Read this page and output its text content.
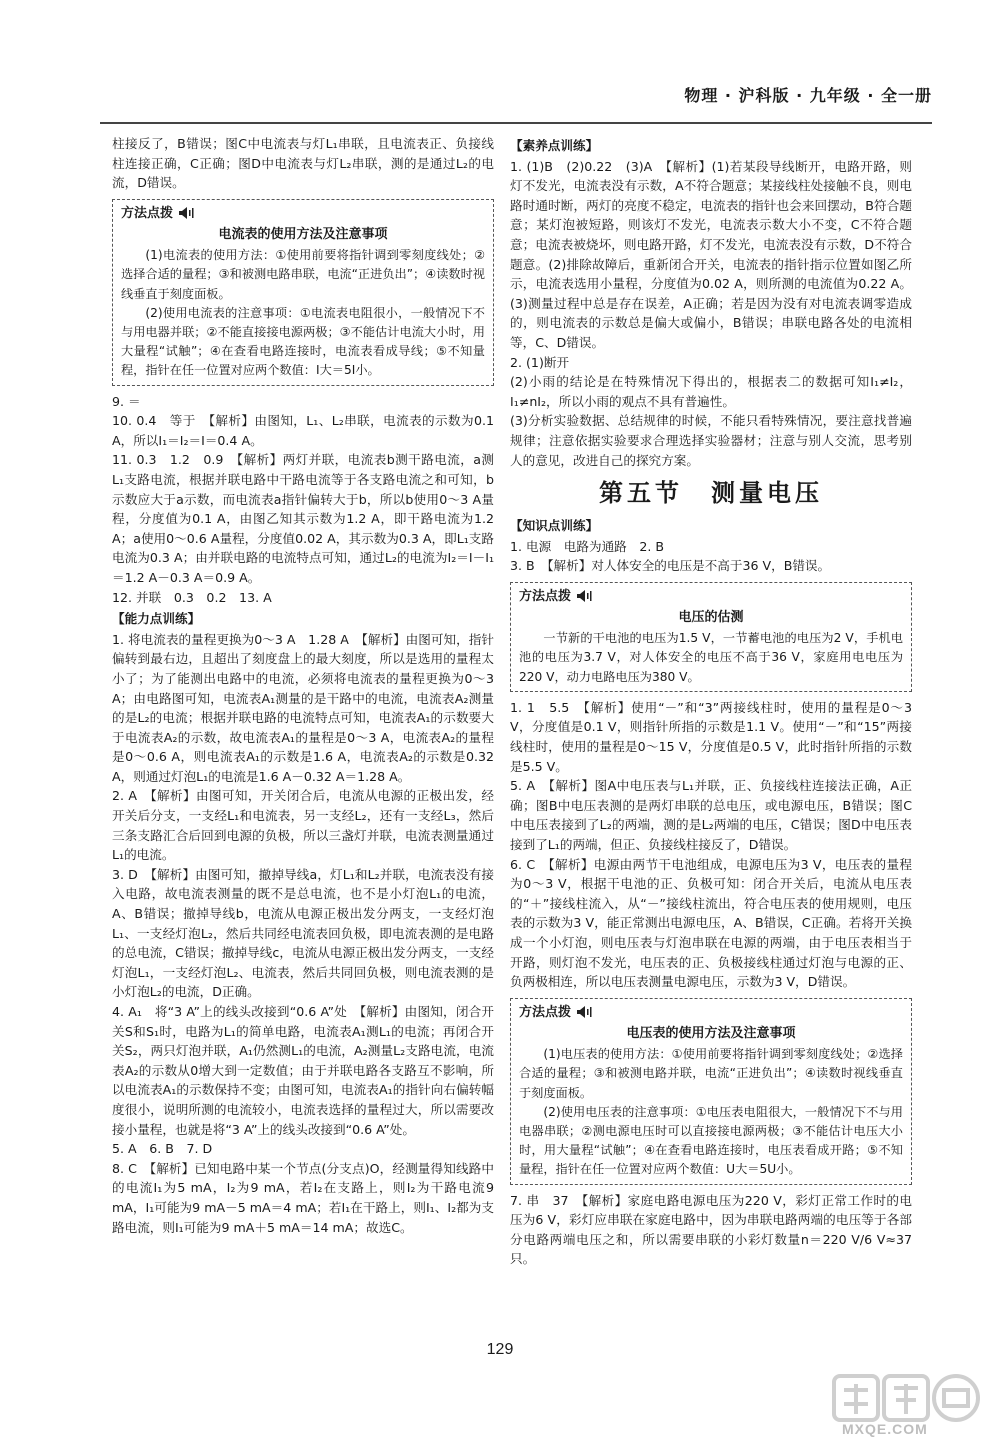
物理 · 沪科版 · 九年级 · 全一册

柱接反了，B错误；图C中电流表与灯L₁串联，且电流表正、负接线柱连接正确，C正确；图D中电流表与灯L₂串联，测的是通过L₂的电流，D错误。

方法点拨

电流表的使用方法及注意事项

(1)电流表的使用方法：①使用前要将指针调到零刻度线处；②选择合适的量程；③和被测电路串联，电流“正进负出”；④读数时视线垂直于刻度面板。

(2)使用电流表的注意事项：①电流表电阻很小，一般情况下不与用电器并联；②不能直接接电源两极；③不能估计电流大小时，用大量程“试触”；④在查看电路连接时，电流表看成导线；⑤不知量程，指针在任一位置对应两个数值：I大＝5I小。

9. ＝

10. 0.4　等于　【解析】由图知，L₁、L₂串联，电流表的示数为0.1 A，所以I₁＝I₂＝I＝0.4 A。

11. 0.3　1.2　0.9　【解析】两灯并联，电流表b测干路电流，a测L₁支路电流，根据并联电路中干路电流等于各支路电流之和可知，b示数应大于a示数，而电流表a指针偏转大于b，所以b使用0～3 A量程，分度值为0.1 A，由图乙知其示数为1.2 A，即干路电流为1.2 A；a使用0～0.6 A量程，分度值0.02 A，其示数为0.3 A，即L₁支路电流为0.3 A；由并联电路的电流特点可知，通过L₂的电流为I₂＝I－I₁＝1.2 A－0.3 A＝0.9 A。

12. 并联　0.3　0.2　13. A

【 能力点训练 】

1. 将电流表的量程更换为0～3 A　1.28 A　【解析】由图可知，指针偏转到最右边，且超出了刻度盘上的最大刻度，所以是选用的量程太小了；为了能测出电路中的电流，必须将电流表的量程更换为0～3 A；由电路图可知，电流表A₁测量的是干路中的电流，电流表A₂测量的是L₂的电流；根据并联电路的电流特点可知，电流表A₁的示数要大于电流表A₂的示数，故电流表A₁的量程是0～3 A，电流表A₂的量程是0～0.6 A，则电流表A₁的示数是1.6 A，电流表A₂的示数是0.32 A，则通过灯泡L₁的电流是1.6 A－0.32 A＝1.28 A。

2. A　【解析】由图可知，开关闭合后，电流从电源的正极出发，经开关后分支，一支经L₁和电流表，另一支经L₂，还有一支经L₃，然后三条支路汇合后回到电源的负极，所以三盏灯并联，电流表测量通过L₁的电流。

3. D　【解析】由图可知，撤掉导线a，灯L₁和L₂并联，电流表没有接入电路，故电流表测量的既不是总电流，也不是小灯泡L₁的电流，A、B错误；撤掉导线b，电流从电源正极出发分两支，一支经灯泡L₁、一支经灯泡L₂，然后共同经电流表回负极，即电流表测的是电路的总电流，C错误；撤掉导线c，电流从电源正极出发分两支，一支经灯泡L₁，一支经灯泡L₂、电流表，然后共同回负极，则电流表测的是小灯泡L₂的电流，D正确。

4. A₁　将“3 A”上的线头改接到“0.6 A”处　【解析】由图知，闭合开关S和S₁时，电路为L₁的简单电路，电流表A₁测L₁的电流；再闭合开关S₂，两只灯泡并联，A₁仍然测L₁的电流，A₂测量L₂支路电流，电流表A₂的示数从0增大到一定数值；由于并联电路各支路互不影响，所以电流表A₁的示数保持不变；由图可知，电流表A₁的指针向右偏转幅度很小，说明所测的电流较小，电流表选择的量程过大，所以需要改接小量程，也就是将“3 A”上的线头改接到“0.6 A”处。

5. A　6. B　7. D

8. C　【解析】已知电路中某一个节点(分支点)O，经测量得知线路中的电流I₁为5 mA，I₂为9 mA，若I₂在支路上，则I₂为干路电流9 mA，I₁可能为9 mA－5 mA＝4 mA；若I₁在干路上，则I₁、I₂都为支路电流，则I₁可能为9 mA＋5 mA＝14 mA；故选C。

【 素养点训练 】

1. (1)B　(2)0.22　(3)A　【解析】(1)若某段导线断开，电路开路，则灯不发光，电流表没有示数，A不符合题意；某接线柱处接触不良，则电路时通时断，两灯的亮度不稳定，电流表的指针也会来回摆动，B符合题意；某灯泡被短路，则该灯不发光，电流表示数大小不变，C不符合题意；电流表被烧坏，则电路开路，灯不发光，电流表没有示数，D不符合题意。(2)排除故障后，重新闭合开关，电流表的指针指示位置如图乙所示，电流表选用小量程，分度值为0.02 A，则所测的电流值为0.22 A。(3)测量过程中总是存在误差，A正确；若是因为没有对电流表调零造成的，则电流表的示数总是偏大或偏小，B错误；串联电路各处的电流相等，C、D错误。

2. (1)断开

(2)小雨的结论是在特殊情况下得出的，根据表二的数据可知I₁≠I₂，I₁≠nI₂，所以小雨的观点不具有普遍性。

(3)分析实验数据、总结规律的时候，不能只看特殊情况，要注意找普遍规律；注意依据实验要求合理选择实验器材；注意与别人交流，思考别人的意见，改进自己的探究方案。

第五节　测量电压
【 知识点训练 】

1. 电源　电路为通路　2. B

3. B　【解析】对人体安全的电压是不高于36 V，B错误。

方法点拨

电压的估测

一节新的干电池的电压为1.5 V，一节蓄电池的电压为2 V，手机电池的电压为3.7 V，对人体安全的电压不高于36 V，家庭用电电压为220 V，动力电路电压为380 V。

1. 1　5.5　【解析】使用“－”和“3”两接线柱时，使用的量程是0～3 V，分度值是0.1 V，则指针所指的示数是1.1 V。使用“－”和“15”两接线柱时，使用的量程是0～15 V，分度值是0.5 V，此时指针所指的示数是5.5 V。

5. A　【解析】图A中电压表与L₁并联，正、负接线柱连接法正确，A正确；图B中电压表测的是两灯串联的总电压，或电源电压，B错误；图C中电压表接到了L₂的两端，测的是L₂两端的电压，C错误；图D中电压表接到了L₁的两端，但正、负接线柱接反了，D错误。

6. C　【解析】电源由两节干电池组成，电源电压为3 V，电压表的量程为0～3 V，根据干电池的正、负极可知：闭合开关后，电流从电压表的“＋”接线柱流入，从“－”接线柱流出，符合电压表的使用规则，电压表的示数为3 V，能正常测出电源电压，A、B错误，C正确。若将开关换成一个小灯泡，则电压表与灯泡串联在电源的两端，由于电压表相当于开路，则灯泡不发光，电压表的正、负极接线柱通过灯泡与电源的正、负两极相连，所以电压表测量电源电压，示数为3 V，D错误。

方法点拨

电压表的使用方法及注意事项

(1)电压表的使用方法：①使用前要将指针调到零刻度线处；②选择合适的量程；③和被测电路并联，电流“正进负出”；④读数时视线垂直于刻度面板。

(2)使用电压表的注意事项：①电压表电阻很大，一般情况下不与用电器串联；②测电源电压时可以直接接电源两极；③不能估计电压大小时，用大量程“试触”；④在查看电路连接时，电压表看成开路；⑤不知量程，指针在任一位置对应两个数值：U大＝5U小。

7. 串　37　【解析】家庭电路电源电压为220 V，彩灯正常工作时的电压为6 V，彩灯应串联在家庭电路中，因为串联电路两端的电压等于各部分电路两端电压之和，所以需要串联的小彩灯数量n＝220 V/6 V≈37只。

129
MXQE.COM
